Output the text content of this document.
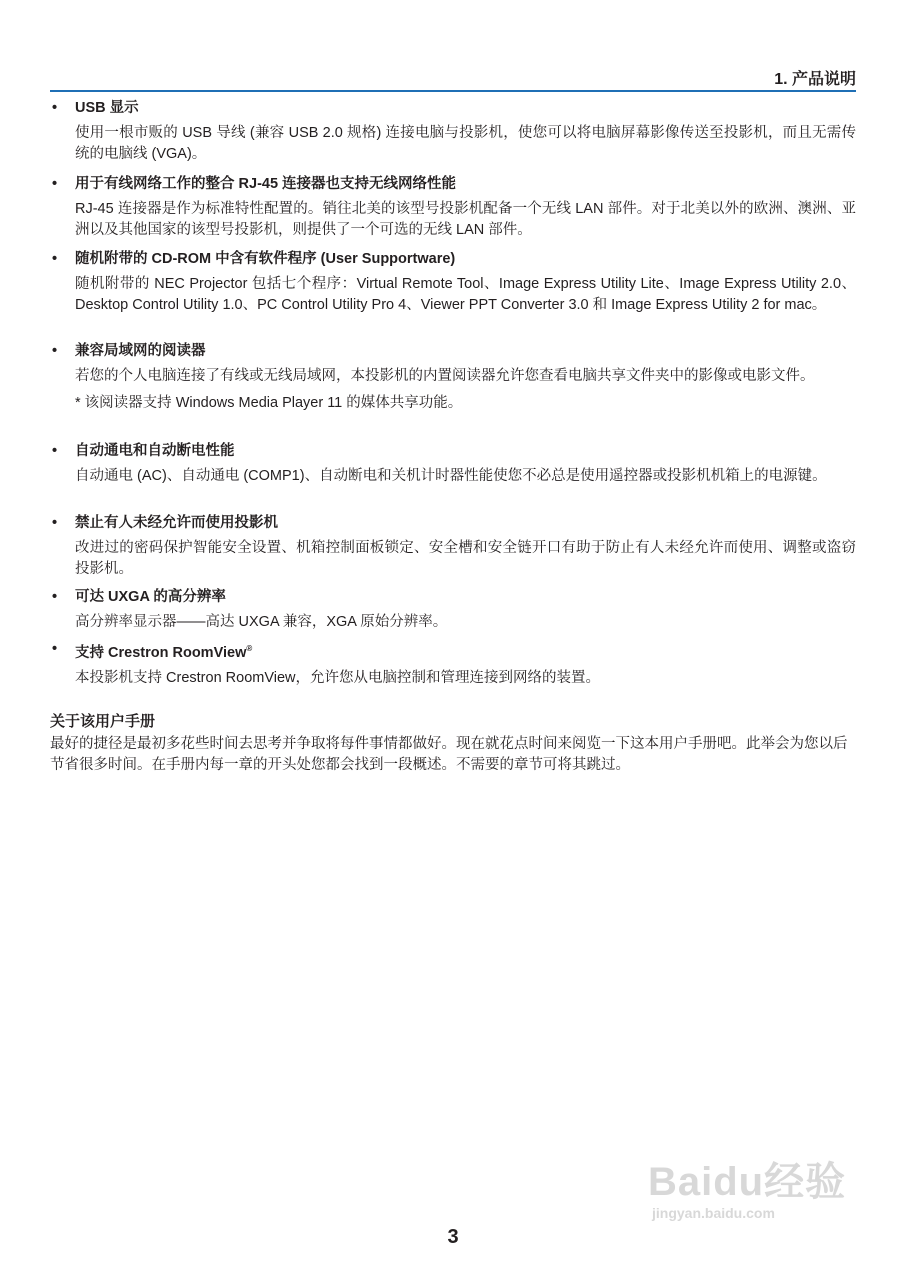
1. 产品说明
• USB 显示
使用一根市贩的 USB 导线 (兼容 USB 2.0 规格) 连接电脑与投影机，使您可以将电脑屏幕影像传送至投影机，而且无需传统的电脑线 (VGA)。
• 用于有线网络工作的整合 RJ-45 连接器也支持无线网络性能
RJ-45 连接器是作为标准特性配置的。销往北美的该型号投影机配备一个无线 LAN 部件。对于北美以外的欧洲、澳洲、亚洲以及其他国家的该型号投影机，则提供了一个可选的无线 LAN 部件。
• 随机附带的 CD-ROM 中含有软件程序 (User Supportware)
随机附带的 NEC Projector 包括七个程序：Virtual Remote Tool、Image Express Utility Lite、Image Express Utility 2.0、Desktop Control Utility 1.0、PC Control Utility Pro 4、Viewer PPT Converter 3.0 和 Image Express Utility 2 for mac。
• 兼容局域网的阅读器
若您的个人电脑连接了有线或无线局域网，本投影机的内置阅读器允许您查看电脑共享文件夹中的影像或电影文件。
* 该阅读器支持 Windows Media Player 11 的媒体共享功能。
• 自动通电和自动断电性能
自动通电 (AC)、自动通电 (COMP1)、自动断电和关机计时器性能使您不必总是使用遥控器或投影机机箱上的电源键。
• 禁止有人未经允许而使用投影机
改进过的密码保护智能安全设置、机箱控制面板锁定、安全槽和安全链开口有助于防止有人未经允许而使用、调整或盗窃投影机。
• 可达 UXGA 的高分辨率
高分辨率显示器——高达 UXGA 兼容，XGA 原始分辨率。
• 支持 Crestron RoomView®
本投影机支持 Crestron RoomView，允许您从电脑控制和管理连接到网络的装置。
关于该用户手册

最好的捷径是最初多花些时间去思考并争取将每件事情都做好。现在就花点时间来阅览一下这本用户手册吧。此举会为您以后节省很多时间。在手册内每一章的开头处您都会找到一段概述。不需要的章节可将其跳过。

Baidu经验
jingyan.baidu.com
3
